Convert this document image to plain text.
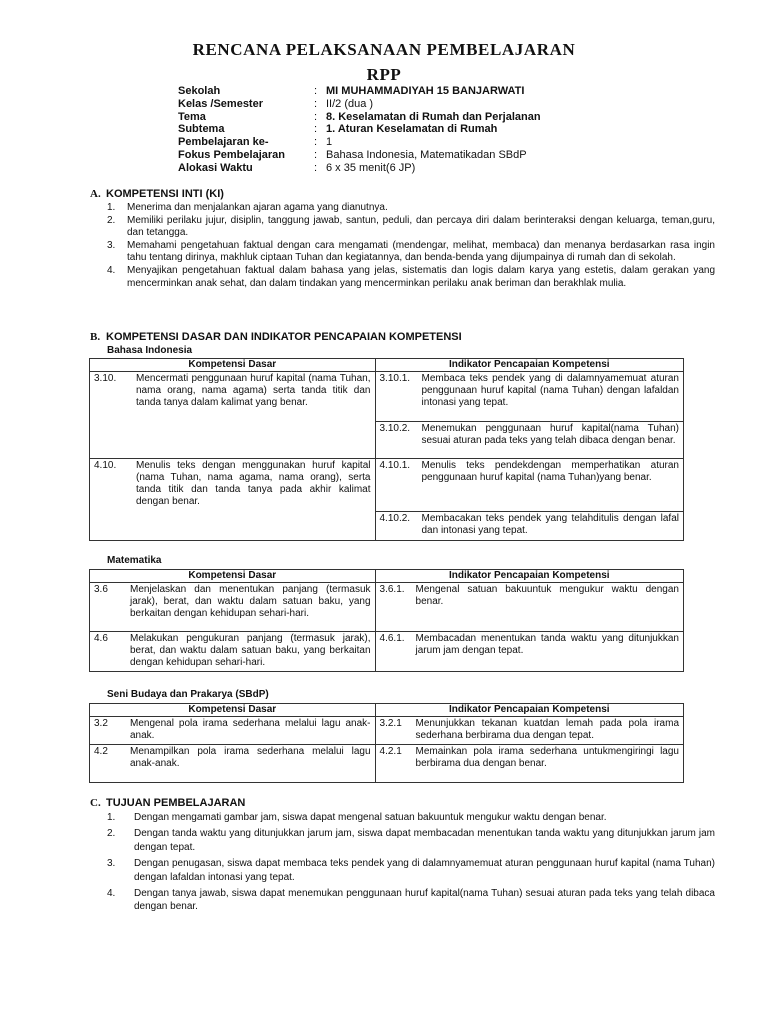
RENCANA PELAKSANAAN PEMBELAJARAN
RPP
Sekolah	: MI MUHAMMADIYAH 15 BANJARWATI
Kelas /Semester	: II/2 (dua )
Tema	: 8. Keselamatan di Rumah dan Perjalanan
Subtema	: 1. Aturan Keselamatan di Rumah
Pembelajaran ke-	: 1
Fokus Pembelajaran	: Bahasa Indonesia, Matematikadan SBdP
Alokasi Waktu	: 6 x 35 menit(6 JP)
A. KOMPETENSI INTI (KI)
1.	Menerima dan menjalankan ajaran agama yang dianutnya.
2.	Memiliki perilaku jujur, disiplin, tanggung jawab, santun, peduli, dan percaya diri dalam berinteraksi dengan keluarga, teman,guru, dan tetangga.
3.	Memahami pengetahuan faktual dengan cara mengamati (mendengar, melihat, membaca) dan menanya berdasarkan rasa ingin tahu tentang dirinya, makhluk ciptaan Tuhan dan kegiatannya, dan benda-benda yang dijumpainya di rumah dan di sekolah.
4.	Menyajikan pengetahuan faktual dalam bahasa yang jelas, sistematis dan logis dalam karya yang estetis, dalam gerakan yang mencerminkan anak sehat, dan dalam tindakan yang mencerminkan perilaku anak beriman dan berakhlak mulia.
B. KOMPETENSI DASAR DAN INDIKATOR PENCAPAIAN KOMPETENSI
Bahasa Indonesia
Kompetensi Dasar	Indikator Pencapaian Kompetensi

3.10. Mencermati penggunaan huruf kapital (nama Tuhan, nama orang, nama agama) serta tanda titik dan tanda tanya dalam kalimat yang benar.	3.10.1. Membaca teks pendek yang di dalamnyamemuat aturan penggunaan huruf kapital (nama Tuhan) dengan lafaldan intonasi yang tepat.

	3.10.2. Menemukan penggunaan huruf kapital(nama Tuhan) sesuai aturan pada teks yang telah dibaca dengan benar.

4.10. Menulis teks dengan menggunakan huruf kapital (nama Tuhan, nama agama, nama orang), serta tanda titik dan tanda tanya pada akhir kalimat dengan benar.	4.10.1. Menulis teks pendekdengan memperhatikan aturan penggunaan huruf kapital (nama Tuhan)yang benar.

	4.10.2. Membacakan teks pendek yang telahditulis dengan lafal dan intonasi yang tepat.
Matematika
Kompetensi Dasar	Indikator Pencapaian Kompetensi

3.6 Menjelaskan dan menentukan panjang (termasuk jarak), berat, dan waktu dalam satuan baku, yang berkaitan dengan kehidupan sehari-hari.	3.6.1. Mengenal satuan bakuuntuk mengukur waktu dengan benar.

4.6 Melakukan pengukuran panjang (termasuk jarak), berat, dan waktu dalam satuan baku, yang berkaitan dengan kehidupan sehari-hari.	4.6.1. Membacadan menentukan tanda waktu yang ditunjukkan jarum jam dengan tepat.
Seni Budaya dan Prakarya (SBdP)
Kompetensi Dasar	Indikator Pencapaian Kompetensi

3.2 Mengenal pola irama sederhana melalui lagu anak-anak.	3.2.1 Menunjukkan tekanan kuatdan lemah pada pola irama sederhana berbirama dua dengan tepat.

4.2 Menampilkan pola irama sederhana melalui lagu anak-anak.	4.2.1 Memainkan pola irama sederhana untukmengiringi lagu berbirama dua dengan benar.
C. TUJUAN PEMBELAJARAN
1.	Dengan mengamati gambar jam, siswa dapat mengenal satuan bakuuntuk mengukur waktu dengan benar.
2.	Dengan tanda waktu yang ditunjukkan jarum jam, siswa dapat membacadan menentukan tanda waktu yang ditunjukkan jarum jam dengan tepat.
3.	Dengan penugasan, siswa dapat membaca teks pendek yang di dalamnyamemuat aturan penggunaan huruf kapital (nama Tuhan) dengan lafaldan intonasi yang tepat.
4.	Dengan tanya jawab, siswa dapat menemukan penggunaan huruf kapital(nama Tuhan) sesuai aturan pada teks yang telah dibaca dengan benar.
